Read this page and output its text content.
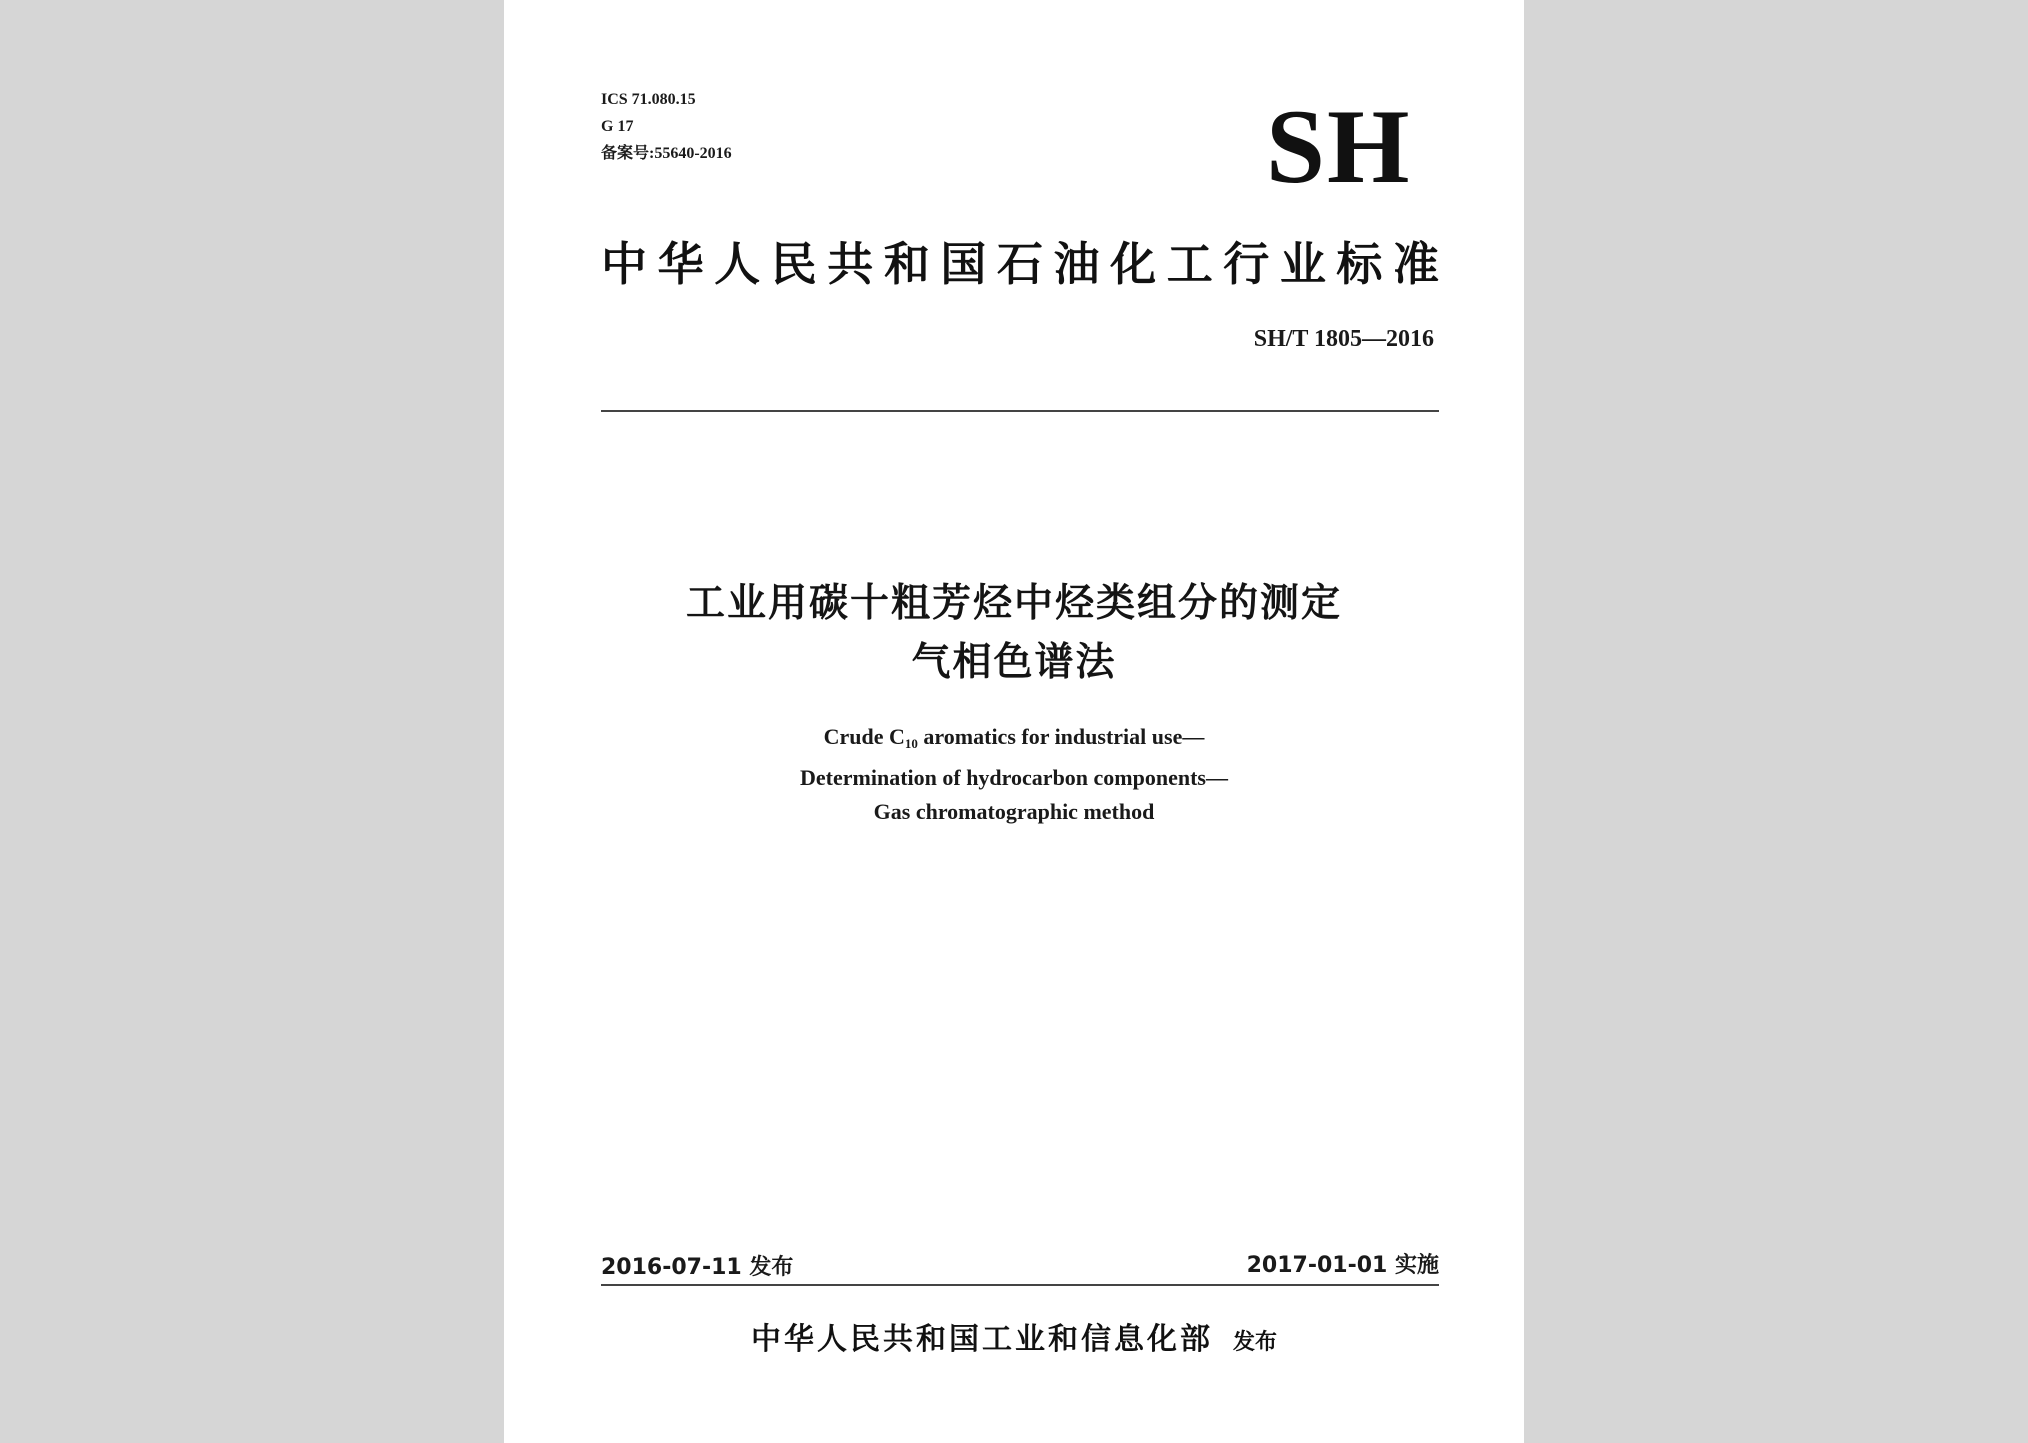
ICS 71.080.15
G 17
备案号:55640-2016	SH
中华人民共和国石油化工行业标准
SH/T 1805—2016
工业用碳十粗芳烃中烃类组分的测定
气相色谱法
Crude $C_{10}$ aromatics for industrial use—
Determination of hydrocarbon components—
Gas chromatographic method
2016-07-11 发布	2017-01-01 实施
中华人民共和国工业和信息化部 发布
